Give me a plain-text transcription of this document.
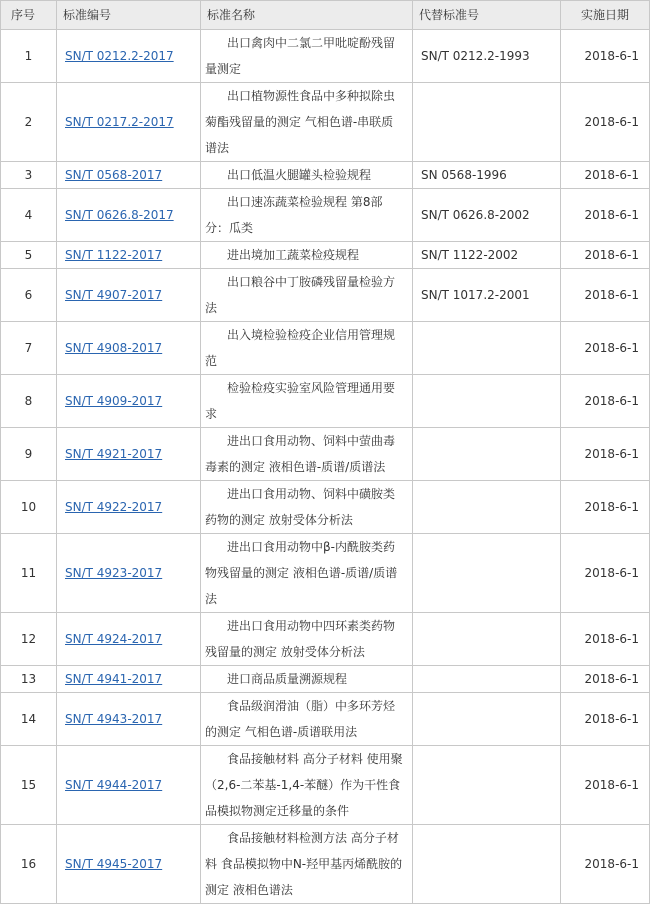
序号	标准编号	标准名称	代替标准号	实施日期
1	SN/T 0212.2-2017	出口禽肉中二氯二甲吡啶酚残留量测定	SN/T 0212.2-1993	2018-6-1
2	SN/T 0217.2-2017	出口植物源性食品中多种拟除虫菊酯残留量的测定 气相色谱-串联质谱法		2018-6-1
3	SN/T 0568-2017	出口低温火腿罐头检验规程	SN 0568-1996	2018-6-1
4	SN/T 0626.8-2017	出口速冻蔬菜检验规程 第8部分：瓜类	SN/T 0626.8-2002	2018-6-1
5	SN/T 1122-2017	进出境加工蔬菜检疫规程	SN/T 1122-2002	2018-6-1
6	SN/T 4907-2017	出口粮谷中丁胺磷残留量检验方法	SN/T 1017.2-2001	2018-6-1
7	SN/T 4908-2017	出入境检验检疫企业信用管理规范		2018-6-1
8	SN/T 4909-2017	检验检疫实验室风险管理通用要求		2018-6-1
9	SN/T 4921-2017	进出口食用动物、饲料中萤曲毒毒素的测定 液相色谱-质谱/质谱法		2018-6-1
10	SN/T 4922-2017	进出口食用动物、饲料中磺胺类药物的测定 放射受体分析法		2018-6-1
11	SN/T 4923-2017	进出口食用动物中β-内酰胺类药物残留量的测定 液相色谱-质谱/质谱法		2018-6-1
12	SN/T 4924-2017	进出口食用动物中四环素类药物残留量的测定 放射受体分析法		2018-6-1
13	SN/T 4941-2017	进口商品质量溯源规程		2018-6-1
14	SN/T 4943-2017	食品级润滑油（脂）中多环芳烃的测定 气相色谱-质谱联用法		2018-6-1
15	SN/T 4944-2017	食品接触材料 高分子材料 使用聚（2,6-二苯基-1,4-苯醚）作为干性食品模拟物测定迁移量的条件		2018-6-1
16	SN/T 4945-2017	食品接触材料检测方法 高分子材料 食品模拟物中N-羟甲基丙烯酰胺的测定 液相色谱法		2018-6-1
